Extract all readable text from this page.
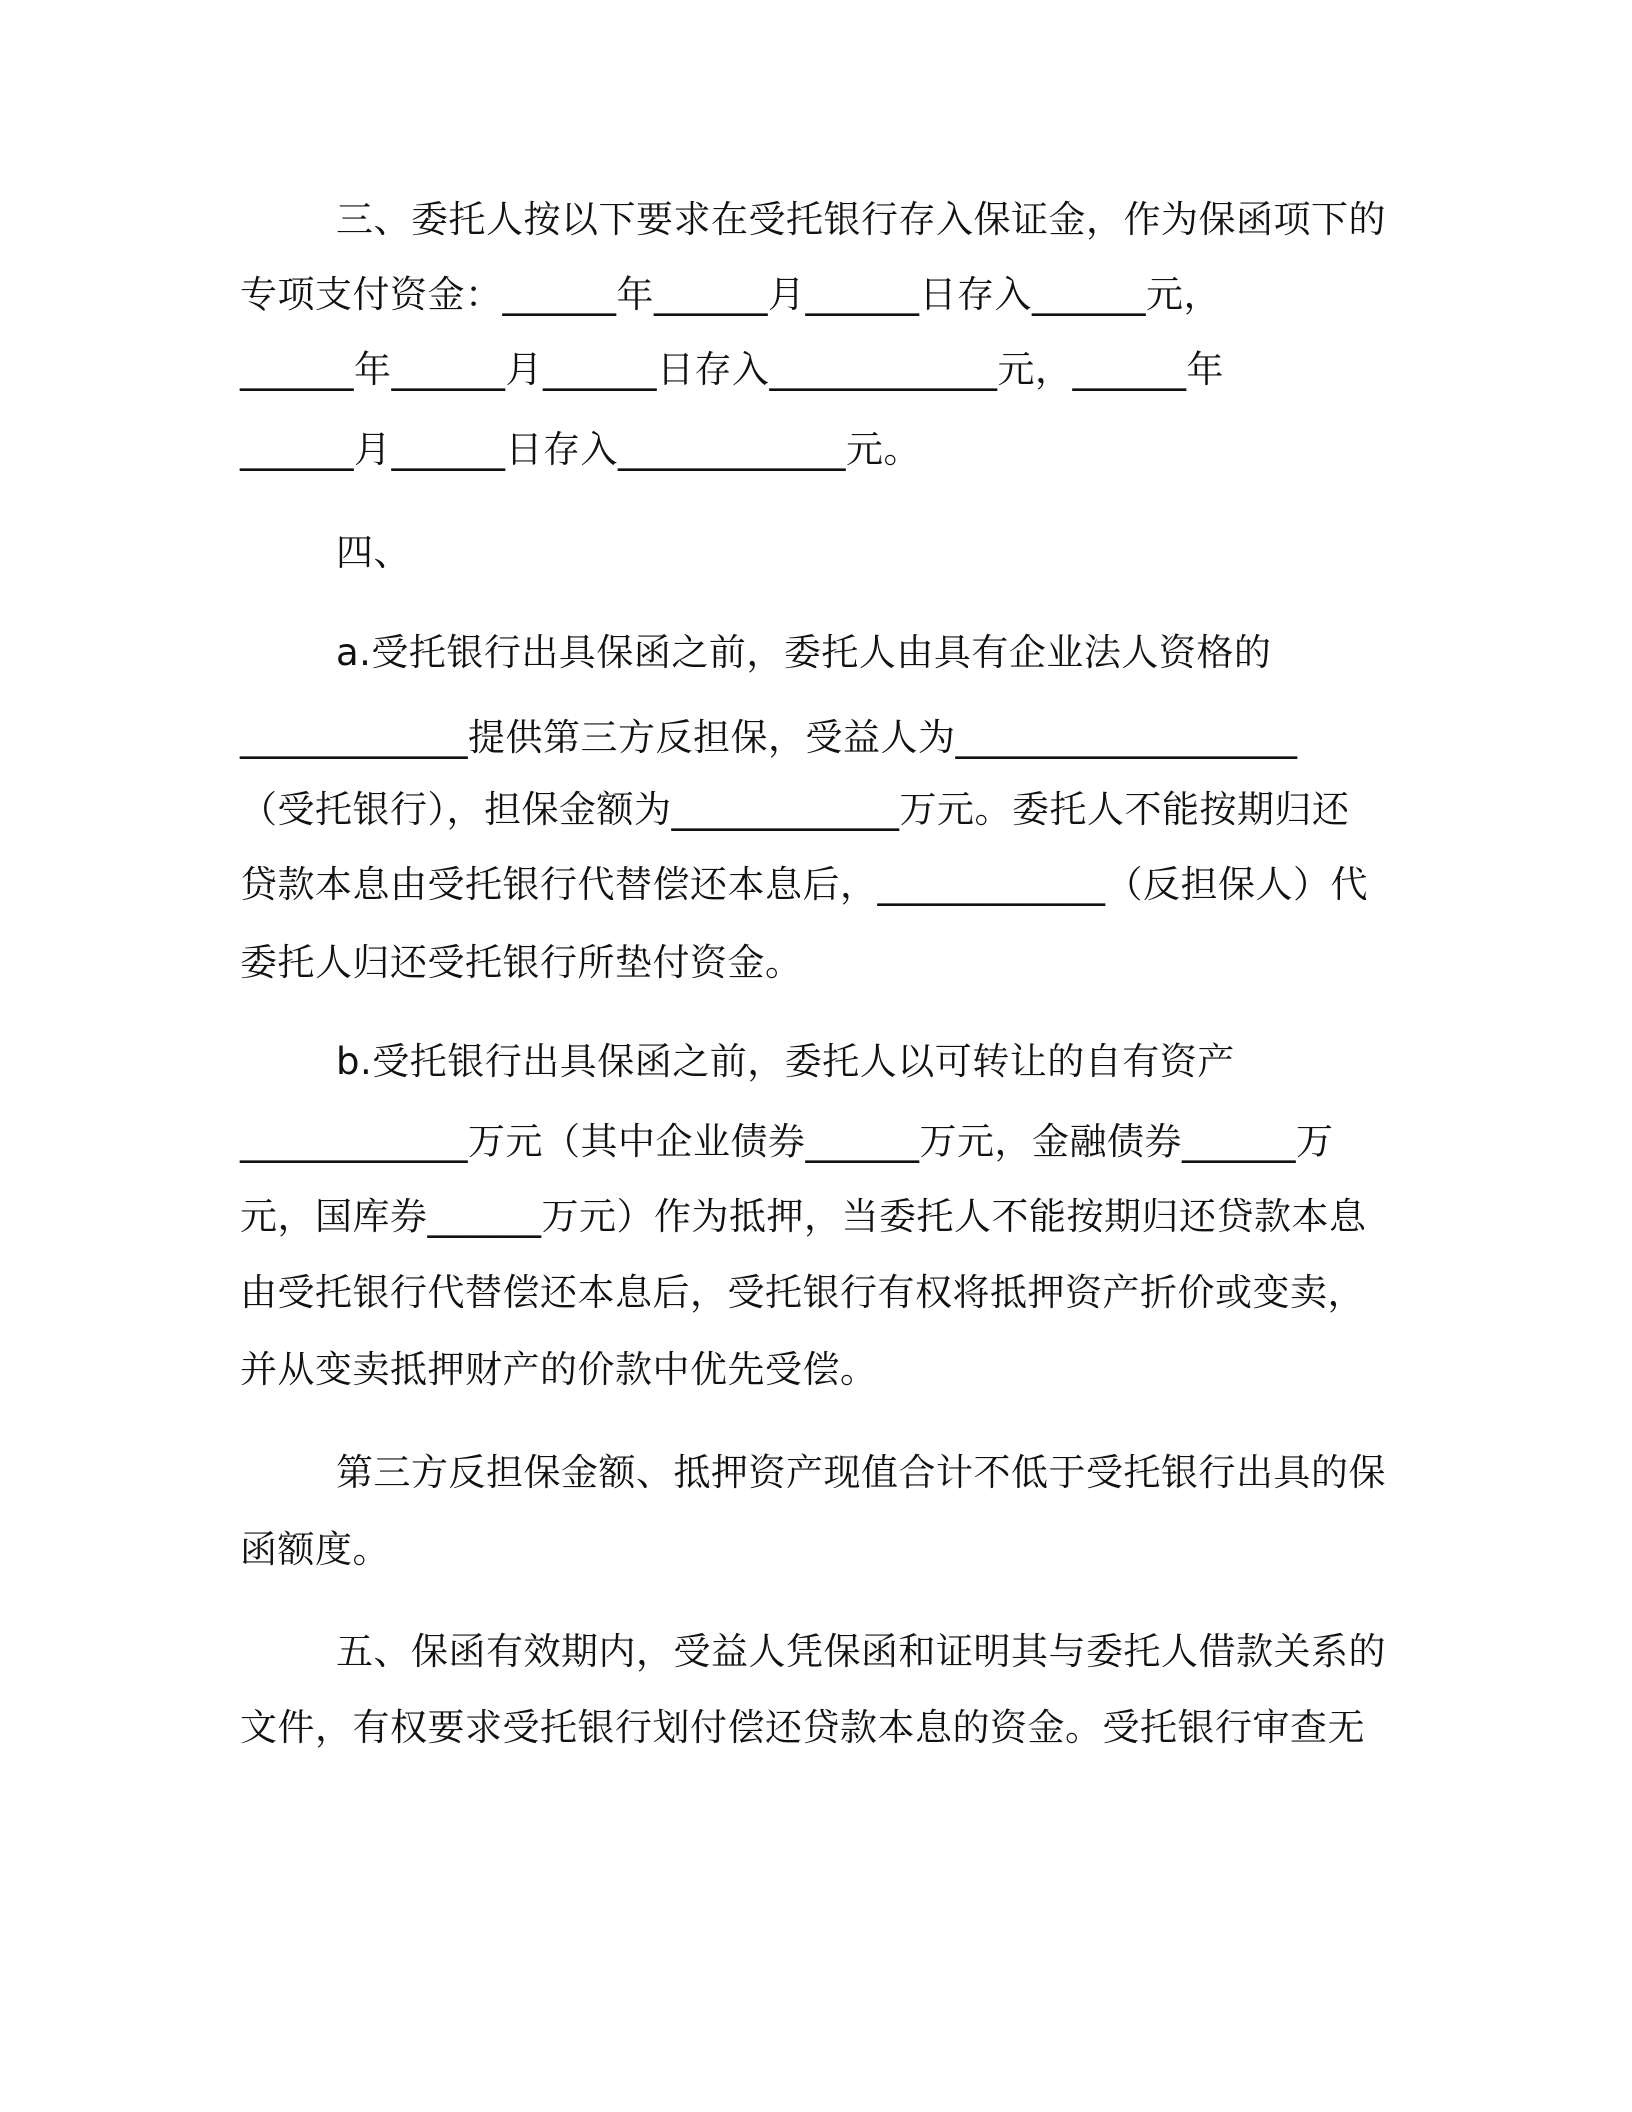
三、委托人按以下要求在受托银行存入保证金，作为保函项下的
专项支付资金：______年______月______日存入______元，
______年______月______日存入____________元，______年
______月______日存入____________元。
四、
a.受托银行出具保函之前，委托人由具有企业法人资格的
____________提供第三方反担保，受益人为__________________
（受托银行），担保金额为____________万元。委托人不能按期归还
贷款本息由受托银行代替偿还本息后，____________（反担保人）代
委托人归还受托银行所垫付资金。
b.受托银行出具保函之前，委托人以可转让的自有资产
____________万元（其中企业债券______万元，金融债券______万
元，国库券______万元）作为抵押，当委托人不能按期归还贷款本息
由受托银行代替偿还本息后，受托银行有权将抵押资产折价或变卖，
并从变卖抵押财产的价款中优先受偿。
第三方反担保金额、抵押资产现值合计不低于受托银行出具的保
函额度。
五、保函有效期内，受益人凭保函和证明其与委托人借款关系的
文件，有权要求受托银行划付偿还贷款本息的资金。受托银行审查无
